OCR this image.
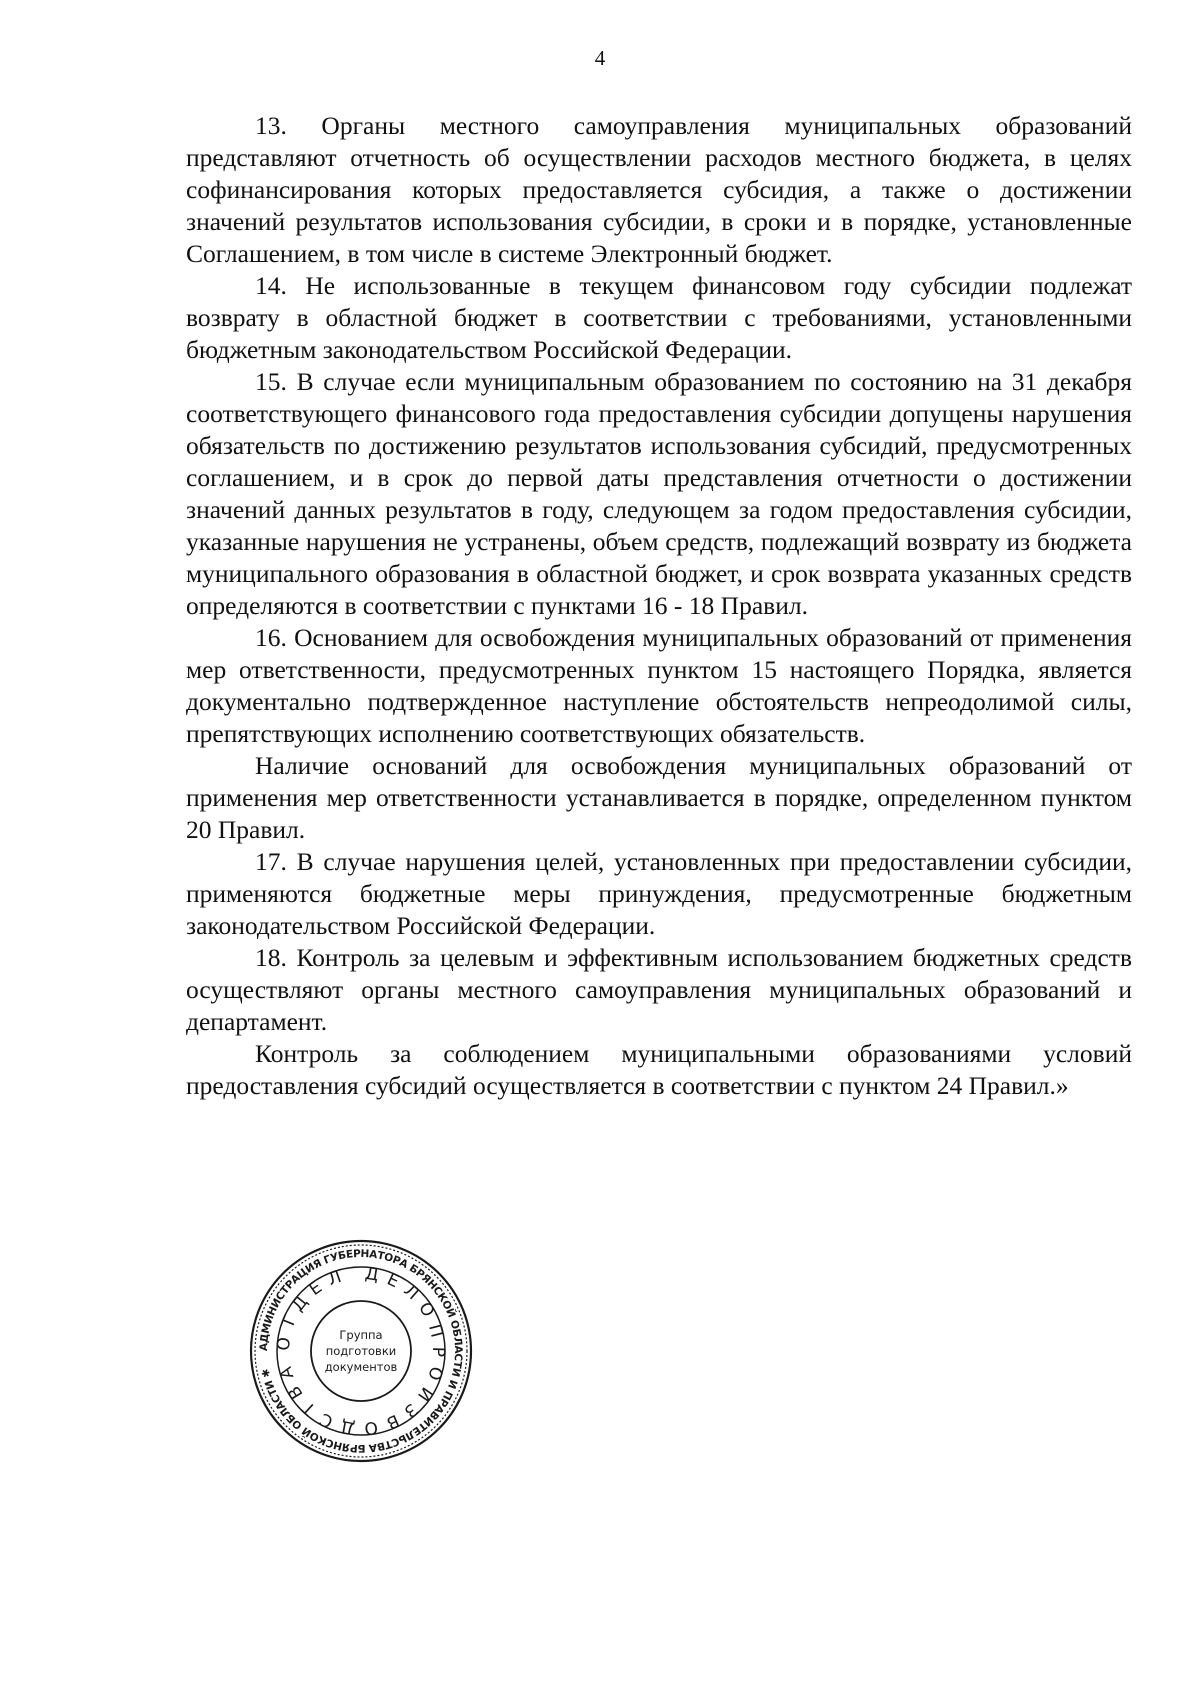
4

13. Органы местного самоуправления муниципальных образований представляют отчетность об осуществлении расходов местного бюджета, в целях софинансирования которых предоставляется субсидия, а также о достижении значений результатов использования субсидии, в сроки и в порядке, установленные Соглашением, в том числе в системе Электронный бюджет.

14. Не использованные в текущем финансовом году субсидии подлежат возврату в областной бюджет в соответствии с требованиями, установленными бюджетным законодательством Российской Федерации.

15. В случае если муниципальным образованием по состоянию на 31 декабря соответствующего финансового года предоставления субсидии допущены нарушения обязательств по достижению результатов использования субсидий, предусмотренных соглашением, и в срок до первой даты представления отчетности о достижении значений данных результатов в году, следующем за годом предоставления субсидии, указанные нарушения не устранены, объем средств, подлежащий возврату из бюджета муниципального образования в областной бюджет, и срок возврата указанных средств определяются в соответствии с пунктами 16 - 18 Правил.

16. Основанием для освобождения муниципальных образований от применения мер ответственности, предусмотренных пунктом 15 настоящего Порядка, является документально подтвержденное наступление обстоятельств непреодолимой силы, препятствующих исполнению соответствующих обязательств.

Наличие оснований для освобождения муниципальных образований от применения мер ответственности устанавливается в порядке, определенном пунктом 20 Правил.

17. В случае нарушения целей, установленных при предоставлении субсидии, применяются бюджетные меры принуждения, предусмотренные бюджетным законодательством Российской Федерации.

18. Контроль за целевым и эффективным использованием бюджетных средств осуществляют органы местного самоуправления муниципальных образований и департамент.

Контроль за соблюдением муниципальными образованиями условий предоставления субсидий осуществляется в соответствии с пунктом 24 Правил.»

АДМИНИСТРАЦИЯ ГУБЕРНАТОРА БРЯНСКОЙ ОБЛАСТИ И ПРАВИТЕЛЬСТВА БРЯНСКОЙ ОБЛАСТИ ✱
ОТДЕЛ ДЕЛОПРОИЗВОДСТВА
Группа
подготовки
документов
